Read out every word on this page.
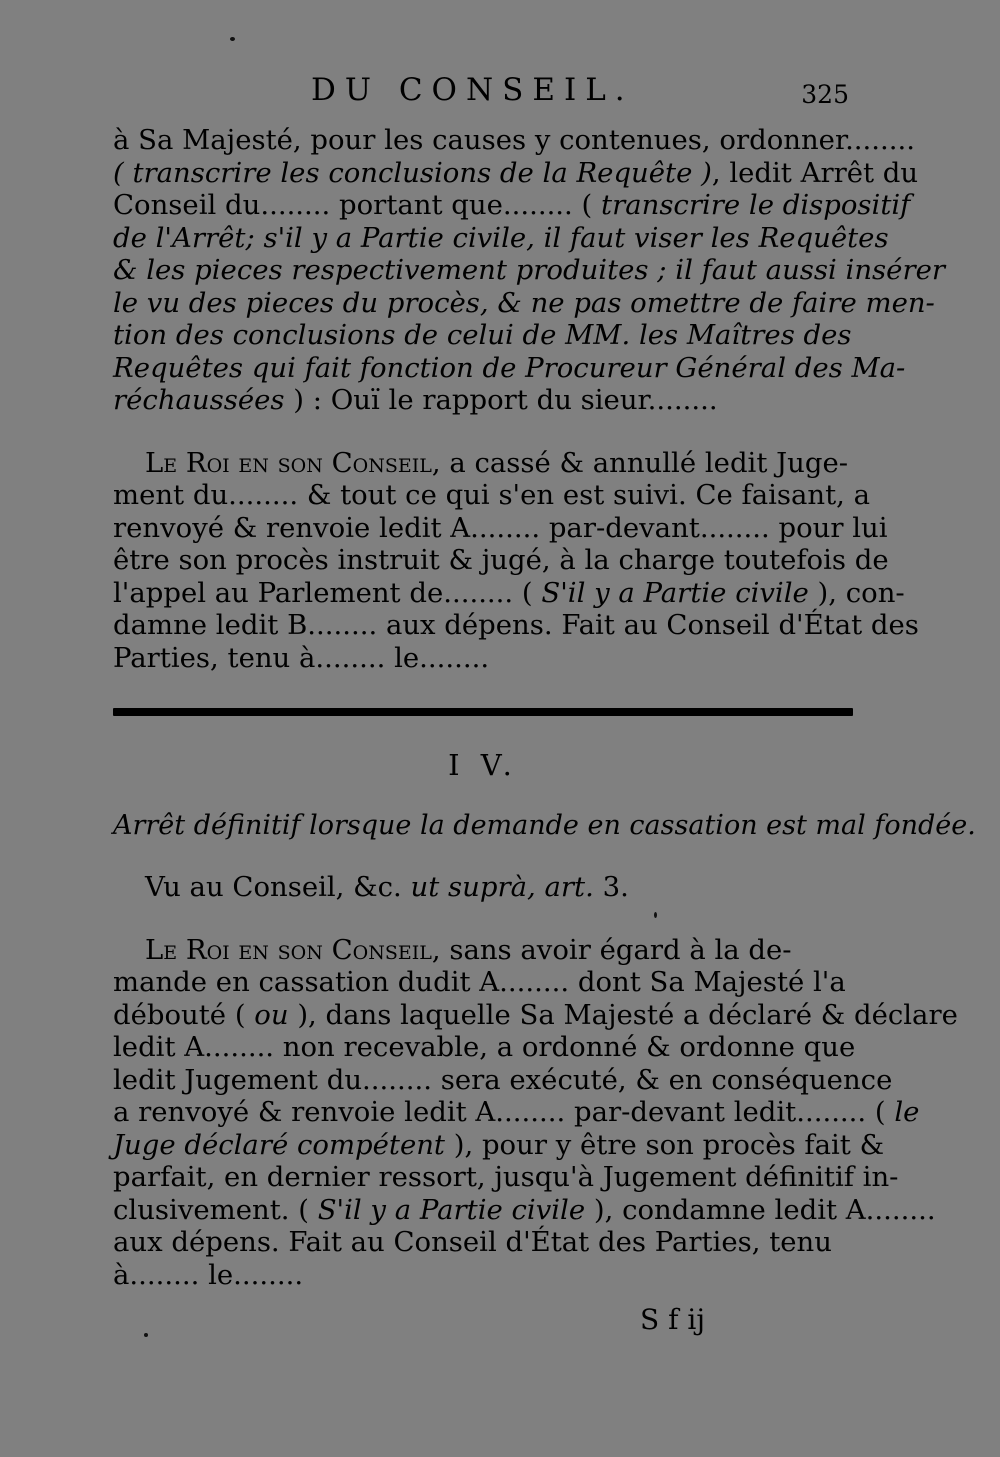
DU CONSEIL.	325

à Sa Majesté, pour les causes y contenues, ordonner........
( transcrire les conclusions de la Requête ), ledit Arrêt du
Conseil du........ portant que........ ( transcrire le dispositif
de l'Arrêt; s'il y a Partie civile, il faut viser les Requêtes
& les pieces respectivement produites ; il faut aussi insérer
le vu des pieces du procès, & ne pas omettre de faire men-
tion des conclusions de celui de MM. les Maîtres des
Requêtes qui fait fonction de Procureur Général des Ma-
réchaussées ) : Ouï le rapport du sieur........

Le Roi en son Conseil, a cassé & annullé ledit Juge-

ment du........ & tout ce qui s'en est suivi. Ce faisant, a
renvoyé & renvoie ledit A........ par-devant........ pour lui
être son procès instruit & jugé, à la charge toutefois de
l'appel au Parlement de........ ( S'il y a Partie civile ), con-
damne ledit B........ aux dépens. Fait au Conseil d'État des
Parties, tenu à........ le........

I V.
Arrêt définitif lorsque la demande en cassation est mal fondée.

Vu au Conseil, &c. ut suprà, art. 3.

Le Roi en son Conseil, sans avoir égard à la de-

mande en cassation dudit A........ dont Sa Majesté l'a
débouté ( ou ), dans laquelle Sa Majesté a déclaré & déclare
ledit A........ non recevable, a ordonné & ordonne que
ledit Jugement du........ sera exécuté, & en conséquence
a renvoyé & renvoie ledit A........ par-devant ledit........ ( le
Juge déclaré compétent ), pour y être son procès fait &
parfait, en dernier ressort, jusqu'à Jugement définitif in-
clusivement. ( S'il y a Partie civile ), condamne ledit A........
aux dépens. Fait au Conseil d'État des Parties, tenu
à........ le........

S f ij
